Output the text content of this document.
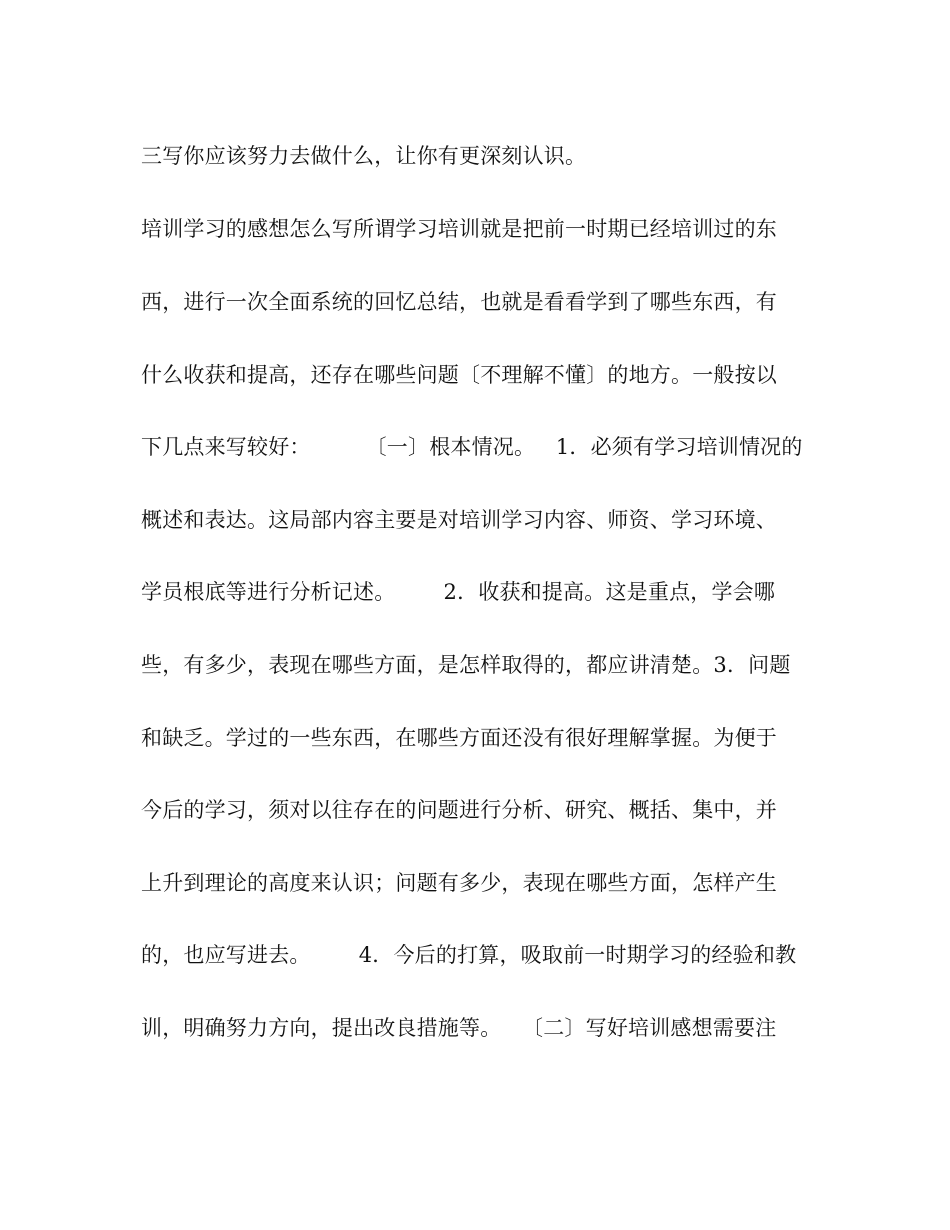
三写你应该努力去做什么，让你有更深刻认识。
培训学习的感想怎么写所谓学习培训就是把前一时期已经培训过的东
西，进行一次全面系统的回忆总结，也就是看看学到了哪些东西，有
什么收获和提高，还存在哪些问题〔不理解不懂〕的地方。一般按以
下几点来写较好：        〔一〕根本情况。   1．必须有学习培训情况的
概述和表达。这局部内容主要是对培训学习内容、师资、学习环境、
学员根底等进行分析记述。       2．收获和提高。这是重点，学会哪
些，有多少，表现在哪些方面，是怎样取得的，都应讲清楚。3．问题
和缺乏。学过的一些东西，在哪些方面还没有很好理解掌握。为便于
今后的学习，须对以往存在的问题进行分析、研究、概括、集中，并
上升到理论的高度来认识；问题有多少，表现在哪些方面，怎样产生
的，也应写进去。       4．今后的打算，吸取前一时期学习的经验和教
训，明确努力方向，提出改良措施等。   〔二〕写好培训感想需要注
